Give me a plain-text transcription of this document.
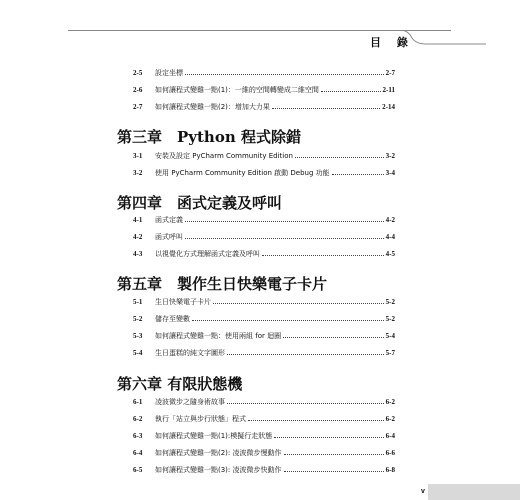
目 錄
2-5	設定坐標	2-7
2-6	如何讓程式變雞一點(1)：一維的空間轉變成二維空間	2-11
2-7	如何讓程式變雞一點(2)：增加大力果	2-14
第三章　Python 程式除錯
3-1	安裝及設定 PyCharm Community Edition	3-2
3-2	使用 PyCharm Community Edition 啟動 Debug 功能	3-4
第四章　函式定義及呼叫
4-1	函式定義	4-2
4-2	函式呼叫	4-4
4-3	以視覺化方式理解函式定義及呼叫	4-5
第五章　製作生日快樂電子卡片
5-1	生日快樂電子卡片	5-2
5-2	儲存至變數	5-2
5-3	如何讓程式變雞一點：使用兩組 for 迴圈	5-4
5-4	生日蛋糕的純文字圖形	5-7
第六章 有限狀態機
6-1	凌波微步之隨身術故事	6-2
6-2	執行「站立與步行狀態」程式	6-2
6-3	如何讓程式變雞一點(1):模擬行走狀態	6-4
6-4	如何讓程式變雞一點(2): 凌波微步慢動作	6-6
6-5	如何讓程式變雞一點(3): 凌波微步快動作	6-8
v
